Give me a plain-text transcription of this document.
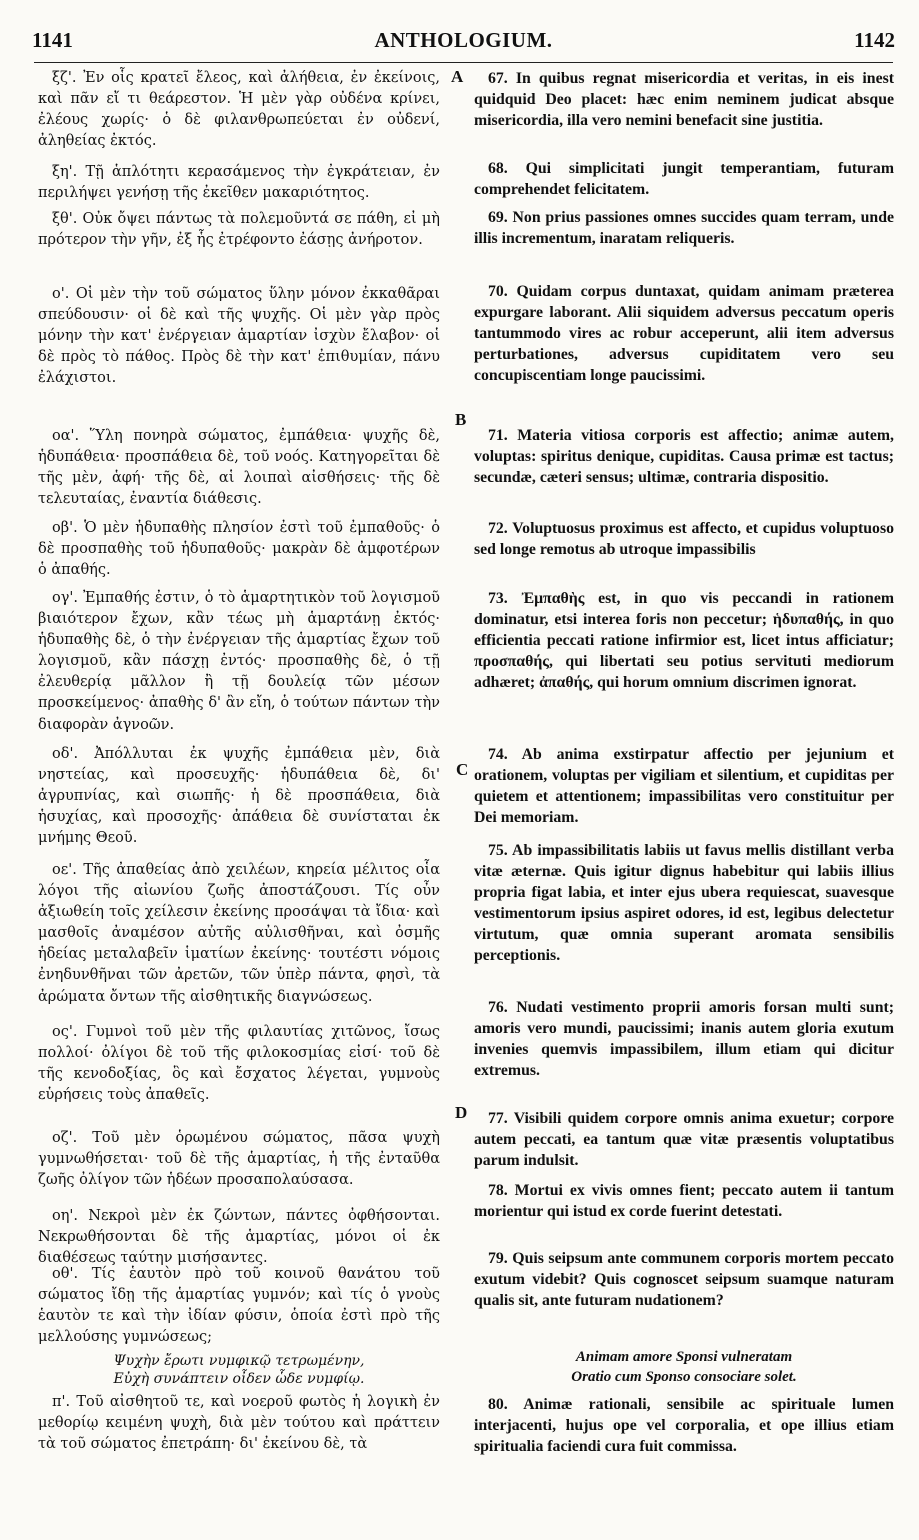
1141	ANTHOLOGIUM.	1142
A
B
C
D

ξζ'. Ἐν οἷς κρατεῖ ἔλεος, καὶ ἀλήθεια, ἐν ἐκείνοις, καὶ πᾶν εἴ τι θεάρεστον. Ἡ μὲν γὰρ οὐδένα κρίνει, ἐλέους χωρίς· ὁ δὲ φιλανθρωπεύεται ἐν οὐδενί, ἀληθείας ἐκτός.

ξη'. Τῇ ἁπλότητι κερασάμενος τὴν ἐγκράτειαν, ἐν περιλήψει γενήσῃ τῆς ἐκεῖθεν μακαριότητος.

ξθ'. Οὐκ ὄψει πάντως τὰ πολεμοῦντά σε πάθη, εἰ μὴ πρότερον τὴν γῆν, ἐξ ἧς ἐτρέφοντο ἐάσῃς ἀνήροτον.

ο'. Οἱ μὲν τὴν τοῦ σώματος ὕλην μόνον ἐκκαθᾶραι σπεύδουσιν· οἱ δὲ καὶ τῆς ψυχῆς. Οἱ μὲν γὰρ πρὸς μόνην τὴν κατ' ἐνέργειαν ἁμαρτίαν ἰσχὺν ἔλαβον· οἱ δὲ πρὸς τὸ πάθος. Πρὸς δὲ τὴν κατ' ἐπιθυμίαν, πάνυ ἐλάχιστοι.

οα'. Ὕλη πονηρὰ σώματος, ἐμπάθεια· ψυχῆς δὲ, ἡδυπάθεια· προσπάθεια δὲ, τοῦ νοός. Κατηγορεῖται δὲ τῆς μὲν, ἁφή· τῆς δὲ, αἱ λοιπαὶ αἰσθήσεις· τῆς δὲ τελευταίας, ἐναντία διάθεσις.

οβ'. Ὁ μὲν ἡδυπαθὴς πλησίον ἐστὶ τοῦ ἐμπαθοῦς· ὁ δὲ προσπαθὴς τοῦ ἡδυπαθοῦς· μακρὰν δὲ ἀμφοτέρων ὁ ἀπαθής.

ογ'. Ἐμπαθής ἐστιν, ὁ τὸ ἁμαρτητικὸν τοῦ λογισμοῦ βιαιότερον ἔχων, κἂν τέως μὴ ἁμαρτάνῃ ἐκτός· ἡδυπαθὴς δὲ, ὁ τὴν ἐνέργειαν τῆς ἁμαρτίας ἔχων τοῦ λογισμοῦ, κἂν πάσχῃ ἐντός· προσπαθὴς δὲ, ὁ τῇ ἐλευθερίᾳ μᾶλλον ἢ τῇ δουλείᾳ τῶν μέσων προσκείμενος· ἀπαθὴς δ' ἂν εἴη, ὁ τούτων πάντων τὴν διαφορὰν ἀγνοῶν.

οδ'. Ἀπόλλυται ἐκ ψυχῆς ἐμπάθεια μὲν, διὰ νηστείας, καὶ προσευχῆς· ἡδυπάθεια δὲ, δι' ἀγρυπνίας, καὶ σιωπῆς· ἡ δὲ προσπάθεια, διὰ ἡσυχίας, καὶ προσοχῆς· ἀπάθεια δὲ συνίσταται ἐκ μνήμης Θεοῦ.

οε'. Τῆς ἀπαθείας ἀπὸ χειλέων, κηρεία μέλιτος οἷα λόγοι τῆς αἰωνίου ζωῆς ἀποστάζουσι. Τίς οὖν ἀξιωθείη τοῖς χείλεσιν ἐκείνης προσάψαι τὰ ἴδια· καὶ μασθοῖς ἀναμέσον αὐτῆς αὐλισθῆναι, καὶ ὀσμῆς ἡδείας μεταλαβεῖν ἱματίων ἐκείνης· τουτέστι νόμοις ἐνηδυνθῆναι τῶν ἀρετῶν, τῶν ὑπὲρ πάντα, φησὶ, τὰ ἀρώματα ὄντων τῆς αἰσθητικῆς διαγνώσεως.

ος'. Γυμνοὶ τοῦ μὲν τῆς φιλαυτίας χιτῶνος, ἴσως πολλοί· ὀλίγοι δὲ τοῦ τῆς φιλοκοσμίας εἰσί· τοῦ δὲ τῆς κενοδοξίας, ὃς καὶ ἔσχατος λέγεται, γυμνοὺς εὑρήσεις τοὺς ἀπαθεῖς.

οζ'. Τοῦ μὲν ὁρωμένου σώματος, πᾶσα ψυχὴ γυμνωθήσεται· τοῦ δὲ τῆς ἁμαρτίας, ἡ τῆς ἐνταῦθα ζωῆς ὀλίγον τῶν ἡδέων προσαπολαύσασα.

οη'. Νεκροὶ μὲν ἐκ ζώντων, πάντες ὀφθήσονται. Νεκρωθήσονται δὲ τῆς ἁμαρτίας, μόνοι οἱ ἐκ διαθέσεως ταύτην μισήσαντες.

οθ'. Τίς ἑαυτὸν πρὸ τοῦ κοινοῦ θανάτου τοῦ σώματος ἴδῃ τῆς ἁμαρτίας γυμνόν; καὶ τίς ὁ γνοὺς ἑαυτὸν τε καὶ τὴν ἰδίαν φύσιν, ὁποία ἐστὶ πρὸ τῆς μελλούσης γυμνώσεως;

Ψυχὴν ἔρωτι νυμφικῷ τετρωμένην,

Εὐχὴ συνάπτειν οἶδεν ὧδε νυμφίῳ.

π'. Τοῦ αἰσθητοῦ τε, καὶ νοεροῦ φωτὸς ἡ λογικὴ ἐν μεθορίῳ κειμένη ψυχὴ, διὰ μὲν τούτου καὶ πράττειν τὰ τοῦ σώματος ἐπετράπη· δι' ἐκείνου δὲ, τὰ

67. In quibus regnat misericordia et veritas, in eis inest quidquid Deo placet: hæc enim neminem judicat absque misericordia, illa vero nemini benefacit sine justitia.

68. Qui simplicitati jungit temperantiam, futuram comprehendet felicitatem.

69. Non prius passiones omnes succides quam terram, unde illis incrementum, inaratam reliqueris.

70. Quidam corpus duntaxat, quidam animam præterea expurgare laborant. Alii siquidem adversus peccatum operis tantummodo vires ac robur acceperunt, alii item adversus perturbationes, adversus cupiditatem vero seu concupiscentiam longe paucissimi.

71. Materia vitiosa corporis est affectio; animæ autem, voluptas: spiritus denique, cupiditas. Causa primæ est tactus; secundæ, cæteri sensus; ultimæ, contraria dispositio.

72. Voluptuosus proximus est affecto, et cupidus voluptuoso sed longe remotus ab utroque impassibilis

73. Ἐμπαθὴς est, in quo vis peccandi in rationem dominatur, etsi interea foris non peccetur; ἡδυπαθής, in quo efficientia peccati ratione infirmior est, licet intus afficiatur; προσπαθής, qui libertati seu potius servituti mediorum adhæret; ἀπαθής, qui horum omnium discrimen ignorat.

74. Ab anima exstirpatur affectio per jejunium et orationem, voluptas per vigiliam et silentium, et cupiditas per quietem et attentionem; impassibilitas vero constituitur per Dei memoriam.

75. Ab impassibilitatis labiis ut favus mellis distillant verba vitæ æternæ. Quis igitur dignus habebitur qui labiis illius propria figat labia, et inter ejus ubera requiescat, suavesque vestimentorum ipsius aspiret odores, id est, legibus delectetur virtutum, quæ omnia superant aromata sensibilis perceptionis.

76. Nudati vestimento proprii amoris forsan multi sunt; amoris vero mundi, paucissimi; inanis autem gloria exutum invenies quemvis impassibilem, illum etiam qui dicitur extremus.

77. Visibili quidem corpore omnis anima exuetur; corpore autem peccati, ea tantum quæ vitæ præsentis voluptatibus parum indulsit.

78. Mortui ex vivis omnes fient; peccato autem ii tantum morientur qui istud ex corde fuerint detestati.

79. Quis seipsum ante communem corporis mortem peccato exutum videbit? Quis cognoscet seipsum suamque naturam qualis sit, ante futuram nudationem?

Animam amore Sponsi vulneratam

Oratio cum Sponso consociare solet.

80. Animæ rationali, sensibile ac spirituale lumen interjacenti, hujus ope vel corporalia, et ope illius etiam spiritualia faciendi cura fuit commissa.
